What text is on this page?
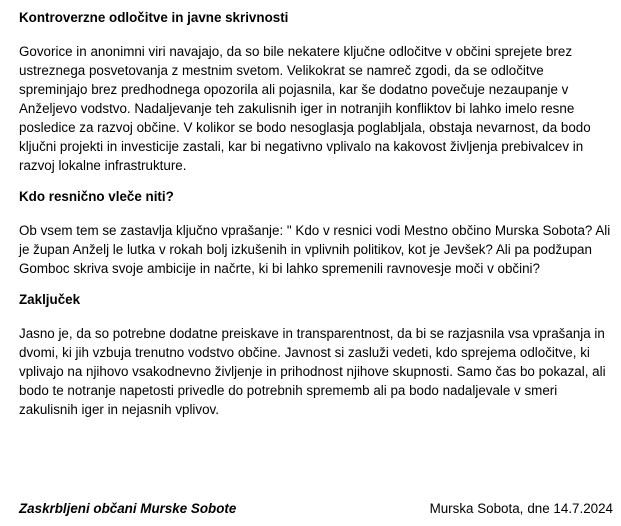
Kontroverzne odločitve in javne skrivnosti

Govorice in anonimni viri navajajo, da so bile nekatere ključne odločitve v občini sprejete brez ustreznega posvetovanja z mestnim svetom. Velikokrat se namreč zgodi, da se odločitve spreminjajo brez predhodnega opozorila ali pojasnila, kar še dodatno povečuje nezaupanje v Anželjevo vodstvo. Nadaljevanje teh zakulisnih iger in notranjih konfliktov bi lahko imelo resne posledice za razvoj občine. V kolikor se bodo nesoglasja poglabljala, obstaja nevarnost, da bodo ključni projekti in investicije zastali, kar bi negativno vplivalo na kakovost življenja prebivalcev in razvoj lokalne infrastrukture.

Kdo resnično vleče niti?

Ob vsem tem se zastavlja ključno vprašanje: " Kdo v resnici vodi Mestno občino Murska Sobota? Ali je župan Anželj le lutka v rokah bolj izkušenih in vplivnih politikov, kot je Jevšek? Ali pa podžupan Gomboc skriva svoje ambicije in načrte, ki bi lahko spremenili ravnovesje moči v občini?

Zaključek

Jasno je, da so potrebne dodatne preiskave in transparentnost, da bi se razjasnila vsa vprašanja in dvomi, ki jih vzbuja trenutno vodstvo občine. Javnost si zasluži vedeti, kdo sprejema odločitve, ki vplivajo na njihovo vsakodnevno življenje in prihodnost njihove skupnosti. Samo čas bo pokazal, ali bodo te notranje napetosti privedle do potrebnih sprememb ali pa bodo nadaljevale v smeri zakulisnih iger in nejasnih vplivov.

Zaskrbljeni občani Murske Sobote	Murska Sobota, dne 14.7.2024
